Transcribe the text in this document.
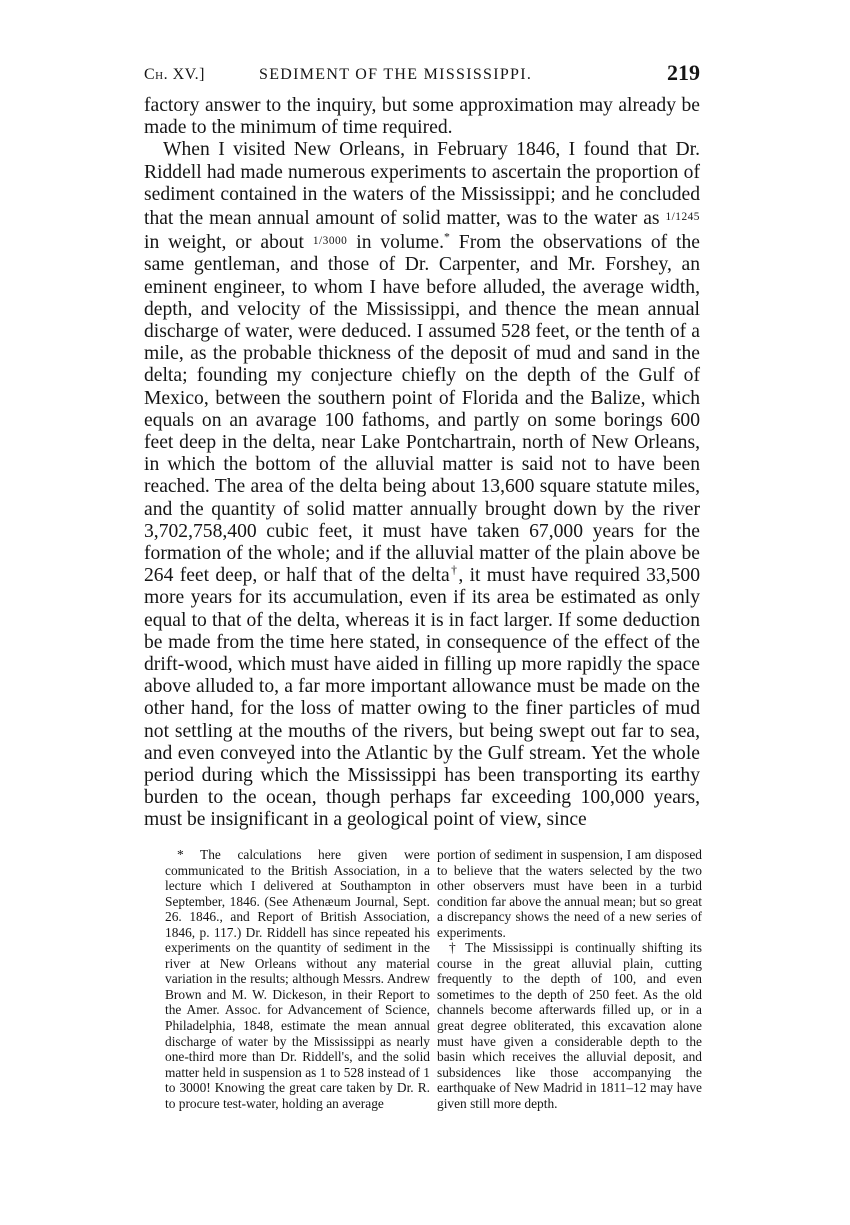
Ch. XV.]	SEDIMENT OF THE MISSISSIPPI.	219

factory answer to the inquiry, but some approximation may already be made to the minimum of time required.

When I visited New Orleans, in February 1846, I found that Dr. Riddell had made numerous experiments to ascertain the proportion of sediment contained in the waters of the Mississippi; and he concluded that the mean annual amount of solid matter, was to the water as $^{1/1245}$ in weight, or about $^{1/3000}$ in volume.* From the observations of the same gentleman, and those of Dr. Carpenter, and Mr. Forshey, an eminent engineer, to whom I have before alluded, the average width, depth, and velocity of the Mississippi, and thence the mean annual discharge of water, were deduced. I assumed 528 feet, or the tenth of a mile, as the probable thickness of the deposit of mud and sand in the delta; founding my conjecture chiefly on the depth of the Gulf of Mexico, between the southern point of Florida and the Balize, which equals on an avarage 100 fathoms, and partly on some borings 600 feet deep in the delta, near Lake Pontchartrain, north of New Orleans, in which the bottom of the alluvial matter is said not to have been reached. The area of the delta being about 13,600 square statute miles, and the quantity of solid matter annually brought down by the river 3,702,758,400 cubic feet, it must have taken 67,000 years for the formation of the whole; and if the alluvial matter of the plain above be 264 feet deep, or half that of the delta†, it must have required 33,500 more years for its accumulation, even if its area be estimated as only equal to that of the delta, whereas it is in fact larger. If some deduction be made from the time here stated, in consequence of the effect of the drift-wood, which must have aided in filling up more rapidly the space above alluded to, a far more important allowance must be made on the other hand, for the loss of matter owing to the finer particles of mud not settling at the mouths of the rivers, but being swept out far to sea, and even conveyed into the Atlantic by the Gulf stream. Yet the whole period during which the Mississippi has been transporting its earthy burden to the ocean, though perhaps far exceeding 100,000 years, must be insignificant in a geological point of view, since

* The calculations here given were communicated to the British Association, in a lecture which I delivered at Southampton in September, 1846. (See Athenæum Journal, Sept. 26. 1846., and Report of British Association, 1846, p. 117.) Dr. Riddell has since repeated his experiments on the quantity of sediment in the river at New Orleans without any material variation in the results; although Messrs. Andrew Brown and M. W. Dickeson, in their Report to the Amer. Assoc. for Advancement of Science, Philadelphia, 1848, estimate the mean annual discharge of water by the Mississippi as nearly one-third more than Dr. Riddell's, and the solid matter held in suspension as 1 to 528 instead of 1 to 3000! Knowing the great care taken by Dr. R. to procure test-water, holding an average

portion of sediment in suspension, I am disposed to believe that the waters selected by the two other observers must have been in a turbid condition far above the annual mean; but so great a discrepancy shows the need of a new series of experiments.

† The Mississippi is continually shifting its course in the great alluvial plain, cutting frequently to the depth of 100, and even sometimes to the depth of 250 feet. As the old channels become afterwards filled up, or in a great degree obliterated, this excavation alone must have given a considerable depth to the basin which receives the alluvial deposit, and subsidences like those accompanying the earthquake of New Madrid in 1811–12 may have given still more depth.
